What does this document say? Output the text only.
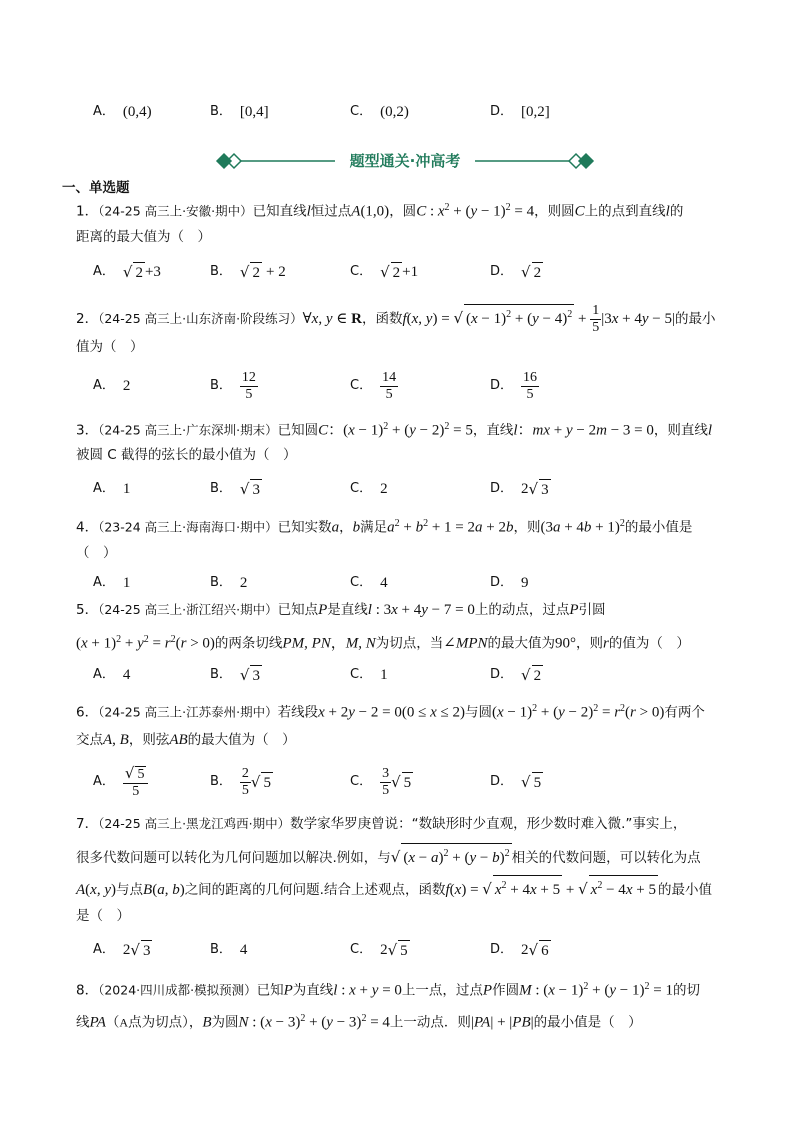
A． (0,4)	B． [0,4]	C． (0,2)	D． [0,2]
题型通关·冲高考
一、单选题
1．（24-25 高三上·安徽·期中）已知直线l恒过点A(1,0)，圆C : $x^2 + (y - 1)^2 = 4$，则圆C上的点到直线l的
距离的最大值为（　）
A． √ 2 +3	B． √ 2 + 2	C． √ 2 +1	D． √ 2
2．（24-25 高三上·山东济南·阶段练习）∀x, y ∈ R，函数f(x, y) = √ $(x - 1)^2 + (y - 4)^2 + \frac{1}{5} |3x + 4y - 5|$的最小
值为（　）
A． 2	B． $\frac{12}{5}$	C． $\frac{14}{5}$	D． $\frac{16}{5}$
3．（24-25 高三上·广东深圳·期末）已知圆C：$(x - 1)^2 + (y - 2)^2 = 5$，直线l：mx + y − 2m − 3 = 0，则直线l
被圆 C 截得的弦长的最小值为（　）
A． 1	B． √ 3	C． 2	D． 2 √ 3
4．（23-24 高三上·海南海口·期中）已知实数a，b满足$a^2 + b^2 + 1 = 2a + 2b$，则$(3a + 4b + 1)^2$的最小值是
（　）
A． 1	B． 2	C． 4	D． 9
5．（24-25 高三上·浙江绍兴·期中）已知点P是直线l : 3x + 4y − 7 = 0上的动点，过点P引圆
$(x + 1)^2 + y^2 = r^2(r > 0)$的两条切线PM, PN，M, N为切点，当∠MPN的最大值为90°，则r的值为（　）
A． 4	B． √ 3	C． 1	D． √ 2
6．（24-25 高三上·江苏泰州·期中）若线段x + 2y − 2 = 0(0 ≤ x ≤ 2)与圆$(x - 1)^2 + (y - 2)^2 = r^2(r > 0)$有两个
交点A, B，则弦AB的最大值为（　）
A． $\frac{√ 5}{5}$	B． $\frac{2}{5}$ √ 5	C． $\frac{3}{5}$ √ 5	D． √ 5
7．（24-25 高三上·黑龙江鸡西·期中）数学家华罗庚曾说：“数缺形时少直观，形少数时难入微.”事实上，
很多代数问题可以转化为几何问题加以解决.例如，与√ $(x - a)^2 + (y - b)^2$ 相关的代数问题，可以转化为点
A(x, y)与点B(a, b)之间的距离的几何问题.结合上述观点，函数f(x) = √ $x^2 + 4x + 5$ + √ $x^2 - 4x + 5$ 的最小值
是（　）
A． 2 √ 3	B． 4	C． 2 √ 5	D． 2 √ 6
8．（2024·四川成都·模拟预测）已知P为直线l : x + y = 0上一点，过点P作圆M : $(x - 1)^2 + (y - 1)^2 = 1$的切
线PA（A点为切点），B为圆N : $(x - 3)^2 + (y - 3)^2 = 4$上一动点．则|PA| + |PB|的最小值是（　）
